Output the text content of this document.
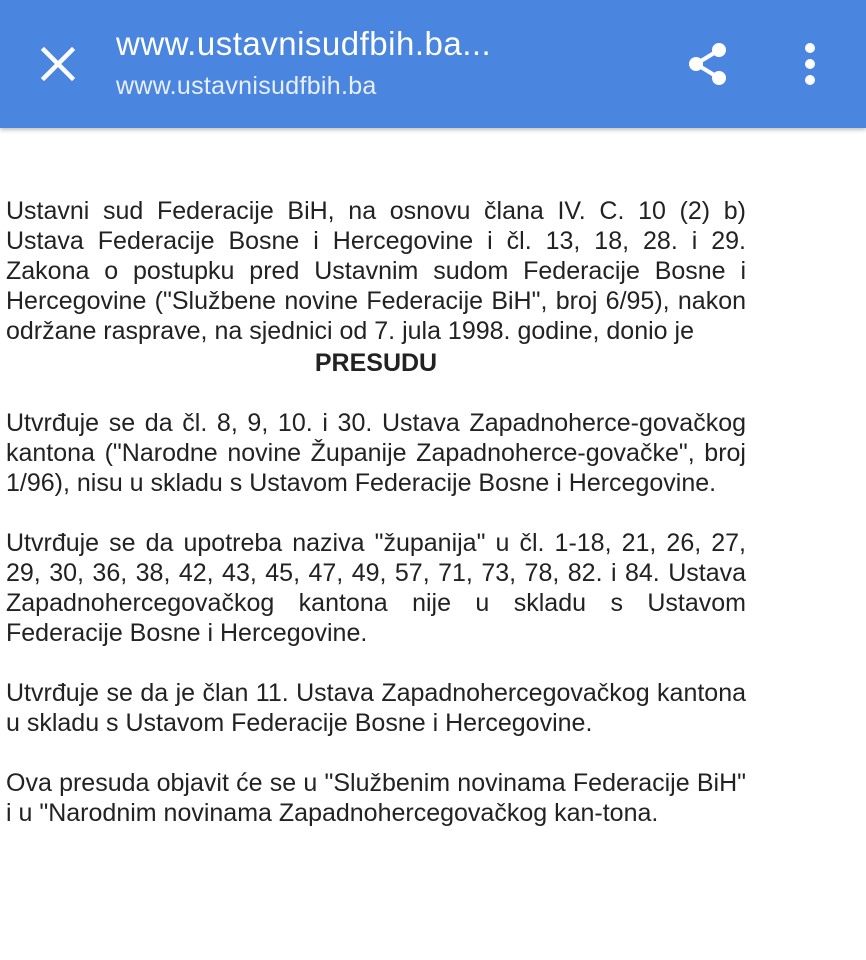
www.ustavnisudfbih.ba...
www.ustavnisudfbih.ba

Ustavni sud Federacije BiH, na osnovu člana IV. C. 10 (2) b) Ustava Federacije Bosne i Hercegovine i čl. 13, 18, 28. i 29. Zakona o postupku pred Ustavnim sudom Federacije Bosne i Hercegovine ("Službene novine Federacije BiH", broj 6/95), nakon održane rasprave, na sjednici od 7. jula 1998. godine, donio je

PRESUDU

Utvrđuje se da čl. 8, 9, 10. i 30. Ustava Zapadnoherce-govačkog kantona ("Narodne novine Županije Zapadnoherce-govačke", broj 1/96), nisu u skladu s Ustavom Federacije Bosne i Hercegovine.

Utvrđuje se da upotreba naziva "županija" u čl. 1-18, 21, 26, 27, 29, 30, 36, 38, 42, 43, 45, 47, 49, 57, 71, 73, 78, 82. i 84. Ustava Zapadnohercegovačkog kantona nije u skladu s Ustavom Federacije Bosne i Hercegovine.

Utvrđuje se da je član 11. Ustava Zapadnohercegovačkog kantona u skladu s Ustavom Federacije Bosne i Hercegovine.

Ova presuda objavit će se u "Službenim novinama Federacije BiH" i u "Narodnim novinama Zapadnohercegovačkog kan-tona.
